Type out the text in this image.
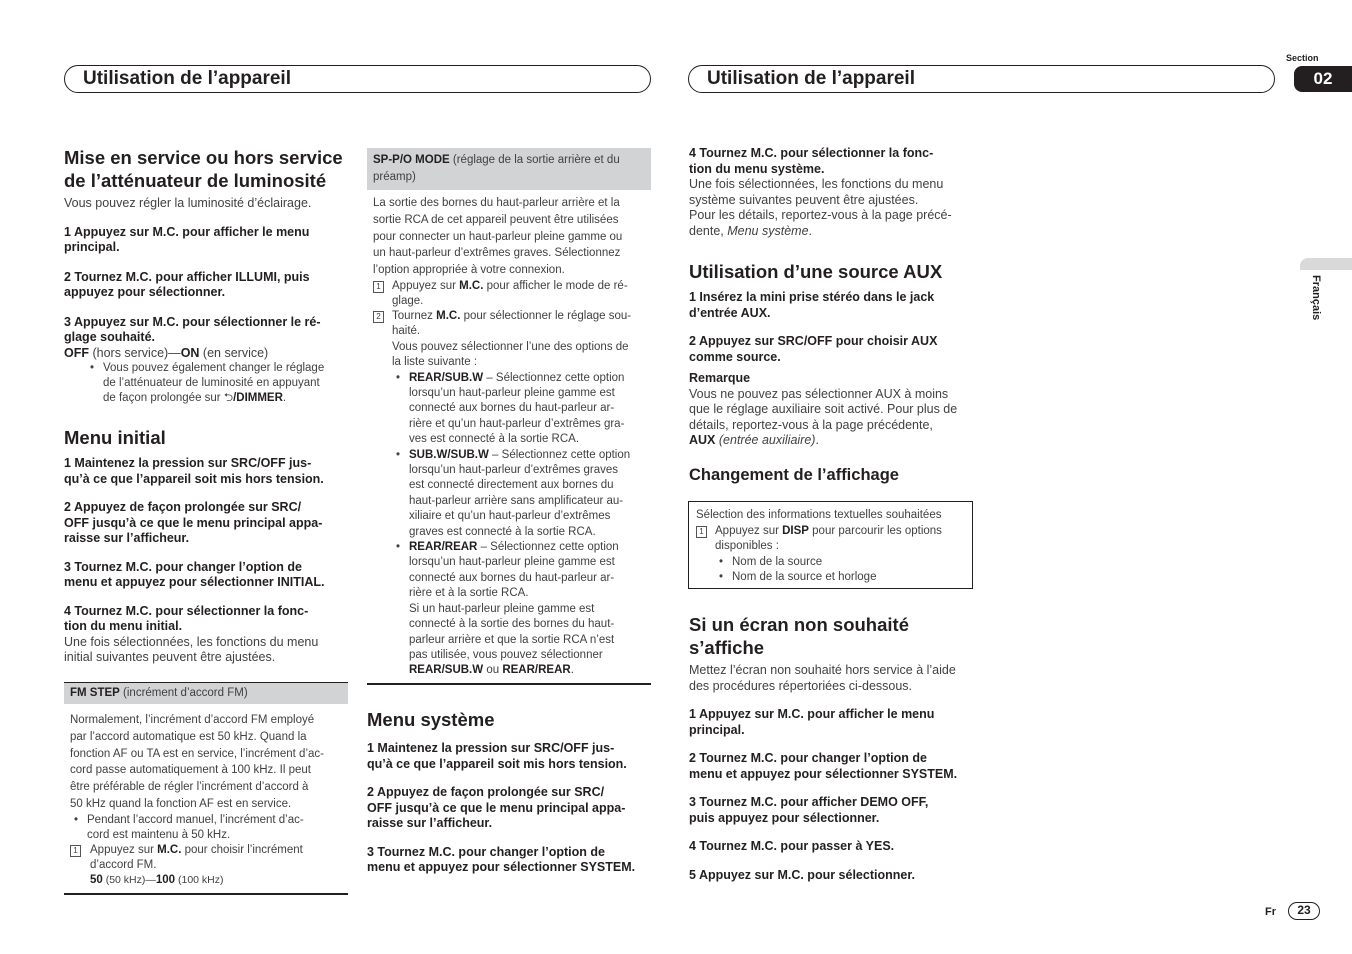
Utilisation de l’appareil	Utilisation de l’appareil
Section
02
Français
Mise en service ou hors service
de l’atténuateur de luminosité
Vous pouvez régler la luminosité d’éclairage.
1 Appuyez sur M.C. pour afficher le menu
principal.
2 Tournez M.C. pour afficher ILLUMI, puis
appuyez pour sélectionner.
3 Appuyez sur M.C. pour sélectionner le ré-
glage souhaité.
OFF (hors service)—ON (en service)
• Vous pouvez également changer le réglage
de l’atténuateur de luminosité en appuyant
de façon prolongée sur ⮌/DIMMER.
Menu initial
1 Maintenez la pression sur SRC/OFF jus-
qu’à ce que l’appareil soit mis hors tension.
2 Appuyez de façon prolongée sur SRC/
OFF jusqu’à ce que le menu principal appa-
raisse sur l’afficheur.
3 Tournez M.C. pour changer l’option de
menu et appuyez pour sélectionner INITIAL.
4 Tournez M.C. pour sélectionner la fonc-
tion du menu initial.
Une fois sélectionnées, les fonctions du menu
initial suivantes peuvent être ajustées.
FM STEP (incrément d’accord FM)
Normalement, l’incrément d’accord FM employé
par l’accord automatique est 50 kHz. Quand la
fonction AF ou TA est en service, l’incrément d’ac-
cord passe automatiquement à 100 kHz. Il peut
être préférable de régler l’incrément d’accord à
50 kHz quand la fonction AF est en service.
• Pendant l’accord manuel, l’incrément d’ac-
cord est maintenu à 50 kHz.
1 Appuyez sur M.C. pour choisir l’incrément
d’accord FM.
50 (50 kHz)—100 (100 kHz)
SP-P/O MODE (réglage de la sortie arrière et du
préamp)
La sortie des bornes du haut-parleur arrière et la
sortie RCA de cet appareil peuvent être utilisées
pour connecter un haut-parleur pleine gamme ou
un haut-parleur d’extrêmes graves. Sélectionnez
l’option appropriée à votre connexion.
1 Appuyez sur M.C. pour afficher le mode de ré-
glage.
2 Tournez M.C. pour sélectionner le réglage sou-
haité.
Vous pouvez sélectionner l’une des options de
la liste suivante :
• REAR/SUB.W – Sélectionnez cette option
lorsqu’un haut-parleur pleine gamme est
connecté aux bornes du haut-parleur ar-
rière et qu’un haut-parleur d’extrêmes gra-
ves est connecté à la sortie RCA.
• SUB.W/SUB.W – Sélectionnez cette option
lorsqu’un haut-parleur d’extrêmes graves
est connecté directement aux bornes du
haut-parleur arrière sans amplificateur au-
xiliaire et qu’un haut-parleur d’extrêmes
graves est connecté à la sortie RCA.
• REAR/REAR – Sélectionnez cette option
lorsqu’un haut-parleur pleine gamme est
connecté aux bornes du haut-parleur ar-
rière et à la sortie RCA.
Si un haut-parleur pleine gamme est
connecté à la sortie des bornes du haut-
parleur arrière et que la sortie RCA n’est
pas utilisée, vous pouvez sélectionner
REAR/SUB.W ou REAR/REAR.
Menu système
1 Maintenez la pression sur SRC/OFF jus-
qu’à ce que l’appareil soit mis hors tension.
2 Appuyez de façon prolongée sur SRC/
OFF jusqu’à ce que le menu principal appa-
raisse sur l’afficheur.
3 Tournez M.C. pour changer l’option de
menu et appuyez pour sélectionner SYSTEM.
4 Tournez M.C. pour sélectionner la fonc-
tion du menu système.
Une fois sélectionnées, les fonctions du menu
système suivantes peuvent être ajustées.
Pour les détails, reportez-vous à la page précé-
dente, Menu système.
Utilisation d’une source AUX
1 Insérez la mini prise stéréo dans le jack
d’entrée AUX.
2 Appuyez sur SRC/OFF pour choisir AUX
comme source.
Remarque
Vous ne pouvez pas sélectionner AUX à moins
que le réglage auxiliaire soit activé. Pour plus de
détails, reportez-vous à la page précédente,
AUX (entrée auxiliaire).
Changement de l’affichage
Sélection des informations textuelles souhaitées
1 Appuyez sur DISP pour parcourir les options
disponibles :
• Nom de la source
• Nom de la source et horloge
Si un écran non souhaité
s’affiche
Mettez l’écran non souhaité hors service à l’aide
des procédures répertoriées ci-dessous.
1 Appuyez sur M.C. pour afficher le menu
principal.
2 Tournez M.C. pour changer l’option de
menu et appuyez pour sélectionner SYSTEM.
3 Tournez M.C. pour afficher DEMO OFF,
puis appuyez pour sélectionner.
4 Tournez M.C. pour passer à YES.
5 Appuyez sur M.C. pour sélectionner.
Fr	23
